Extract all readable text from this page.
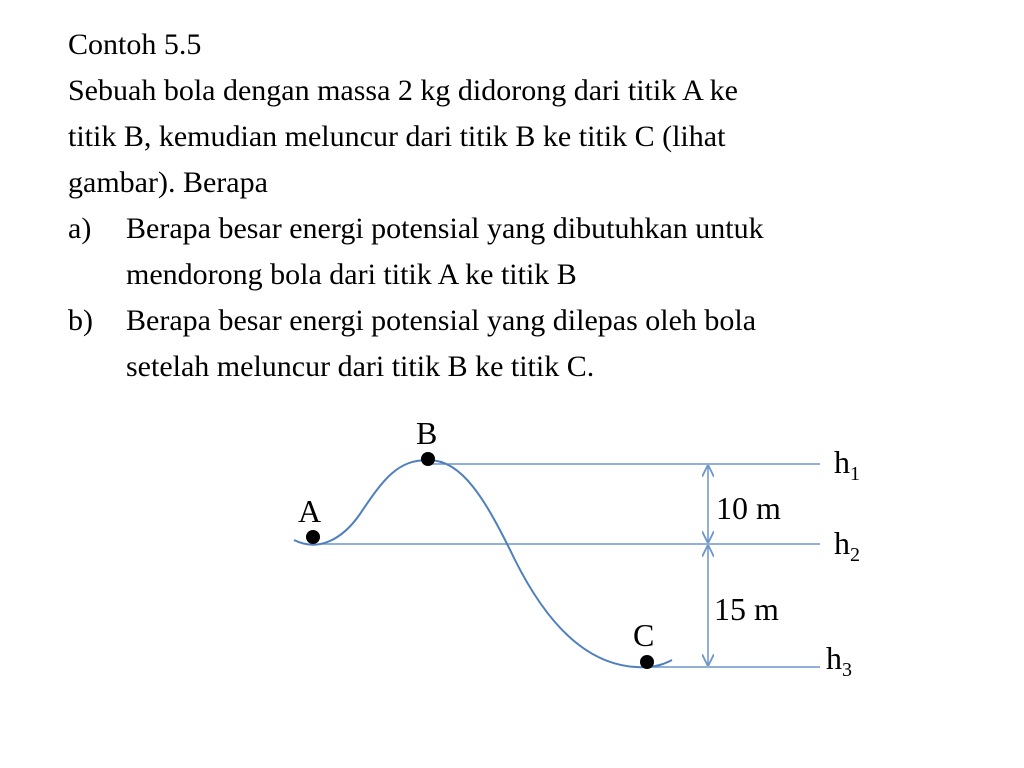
Contoh 5.5
Sebuah bola dengan massa 2 kg didorong dari titik A ke
titik B, kemudian meluncur dari titik B ke titik C (lihat
gambar). Berapa
a)	Berapa besar energi potensial yang dibutuhkan untuk
mendorong bola dari titik A ke titik B
b)	Berapa besar energi potensial yang dilepas oleh bola
setelah meluncur dari titik B ke titik C.
A
B
C
10 m
15 m
$h_1$
$h_2$
$h_3$
